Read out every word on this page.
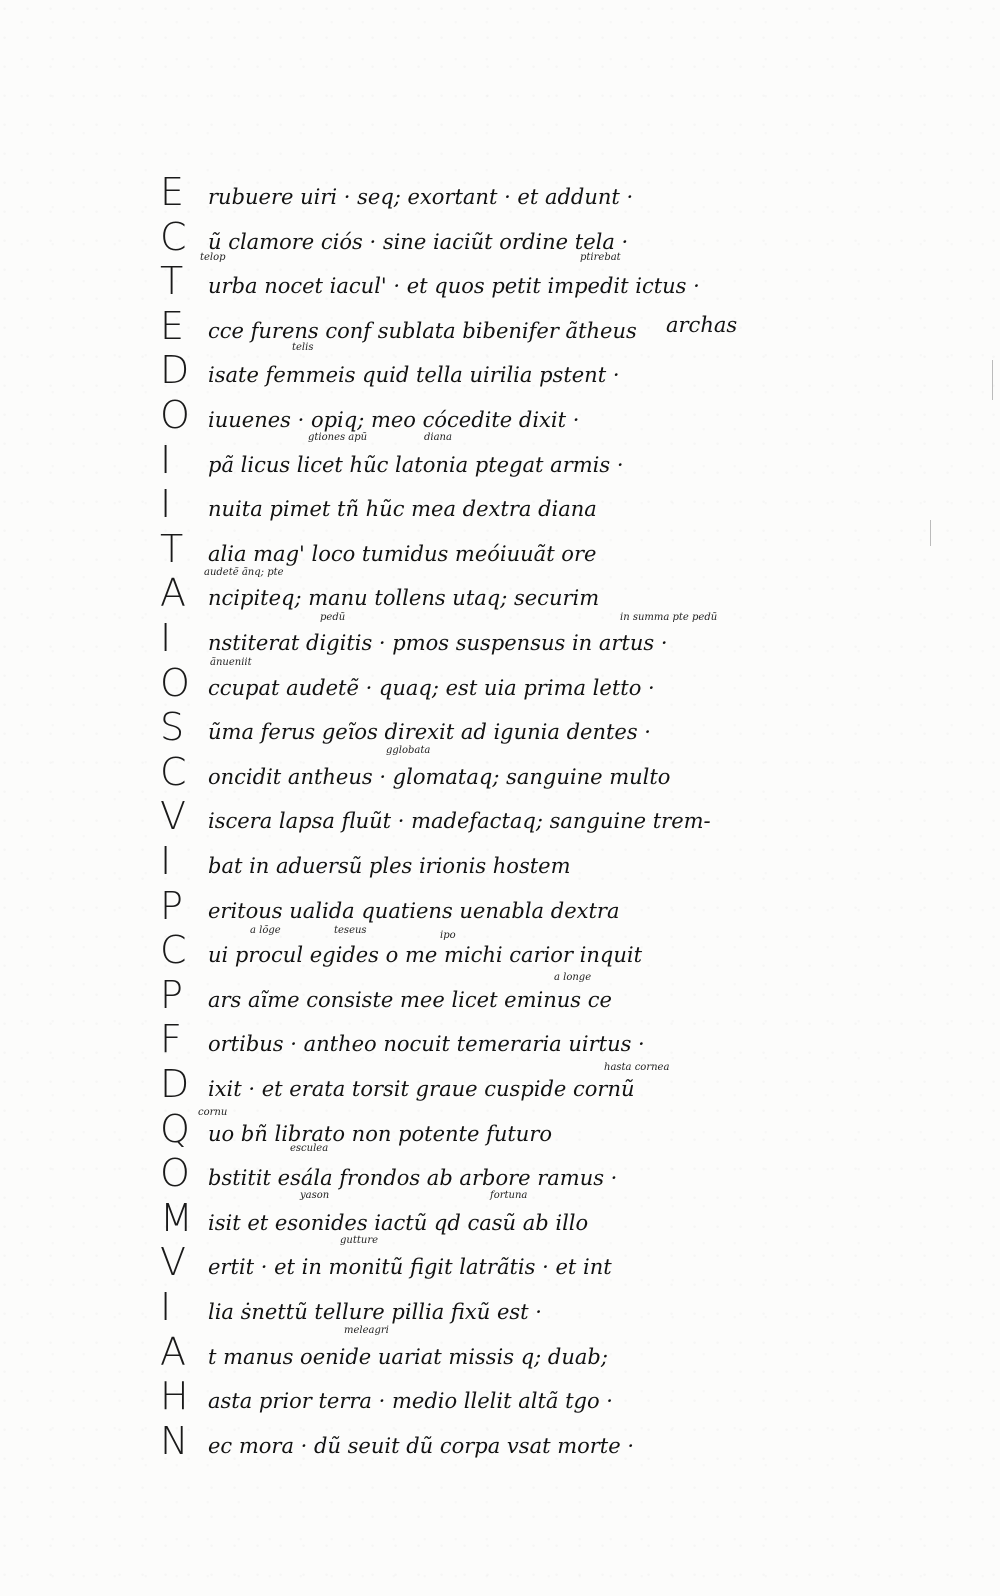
E rubuere uiri · seq; exortant · et addunt ·
C ũ clamore ciós · sine iaciũt ordine tela ·
T urba nocet iacul' · et quos petit impedit ictus ·
E cce furens conf sublata bibenifer ãtheus
D isate femmeis quid tella uirilia pstent ·
O iuuenes · opiq; meo cócedite dixit ·
I pã licus licet hũc latonia ptegat armis ·
I nuita pimet tñ hũc mea dextra diana
T alia mag' loco tumidus meóiuuãt ore
A ncipiteq; manu tollens utaq; securim
I nstiterat digitis · pmos suspensus in artus ·
O ccupat audetẽ · quaq; est uia prima letto ·
S ũma ferus geĩos direxit ad igunia dentes ·
C oncidit antheus · glomataq; sanguine multo
V iscera lapsa fluũt · madefactaq; sanguine trem-
I bat in aduersũ ples irionis hostem
P eritous ualida quatiens uenabla dextra
C ui procul egides o me michi carior inquit
P ars aĩme consiste mee licet eminus ce
F ortibus · antheo nocuit temeraria uirtus ·
D ixit · et erata torsit graue cuspide cornũ
Q uo bñ librato non potente futuro
O bstitit esála frondos ab arbore ramus ·
M isit et esonides iactũ qd casũ ab illo
V ertit · et in monitũ figit latrãtis · et int
I lia ṡnettũ tellure pillia fixũ est ·
A t manus oenide uariat missis q; duab;
H asta prior terra · medio llelit altã tgo ·
N ec mora · dũ seuit dũ corpa vsat morte ·
telop	ptirebat
telis
gtiones apũ	diana
audetẽ ãnq; pte
pedũ	in summa pte pedũ
ãnueniit
gglobata
a lõge	teseus	ipo
a longe
hasta cornea
cornu
esculea
yason	fortuna
gutture
meleagri
archas
